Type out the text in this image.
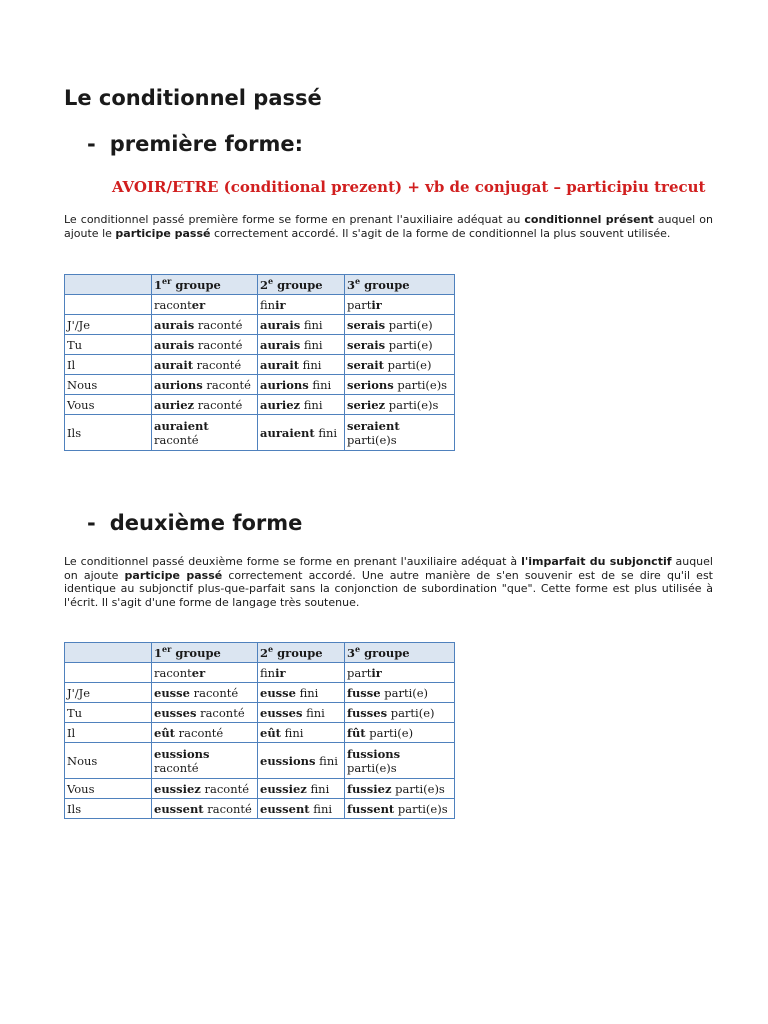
Le conditionnel passé
- première forme:
AVOIR/ETRE (conditional prezent) + vb de conjugat – participiu trecut

Le conditionnel passé première forme se forme en prenant l'auxiliaire adéquat au conditionnel présent auquel on ajoute le participe passé correctement accordé. Il s'agit de la forme de conditionnel la plus souvent utilisée.

	1er groupe	2e groupe	3e groupe
	raconter	finir	partir
J'/Je	aurais raconté	aurais fini	serais parti(e)
Tu	aurais raconté	aurais fini	serais parti(e)
Il	aurait raconté	aurait fini	serait parti(e)
Nous	aurions raconté	aurions fini	serions parti(e)s
Vous	auriez raconté	auriez fini	seriez parti(e)s
Ils	auraient raconté	auraient fini	seraient parti(e)s
- deuxième forme

Le conditionnel passé deuxième forme se forme en prenant l'auxiliaire adéquat à l'imparfait du subjonctif auquel on ajoute participe passé correctement accordé. Une autre manière de s'en souvenir est de se dire qu'il est identique au subjonctif plus-que-parfait sans la conjonction de subordination "que". Cette forme est plus utilisée à l'écrit. Il s'agit d'une forme de langage très soutenue.

	1er groupe	2e groupe	3e groupe
	raconter	finir	partir
J'/Je	eusse raconté	eusse fini	fusse parti(e)
Tu	eusses raconté	eusses fini	fusses parti(e)
Il	eût raconté	eût fini	fût parti(e)
Nous	eussions raconté	eussions fini	fussions parti(e)s
Vous	eussiez raconté	eussiez fini	fussiez parti(e)s
Ils	eussent raconté	eussent fini	fussent parti(e)s
